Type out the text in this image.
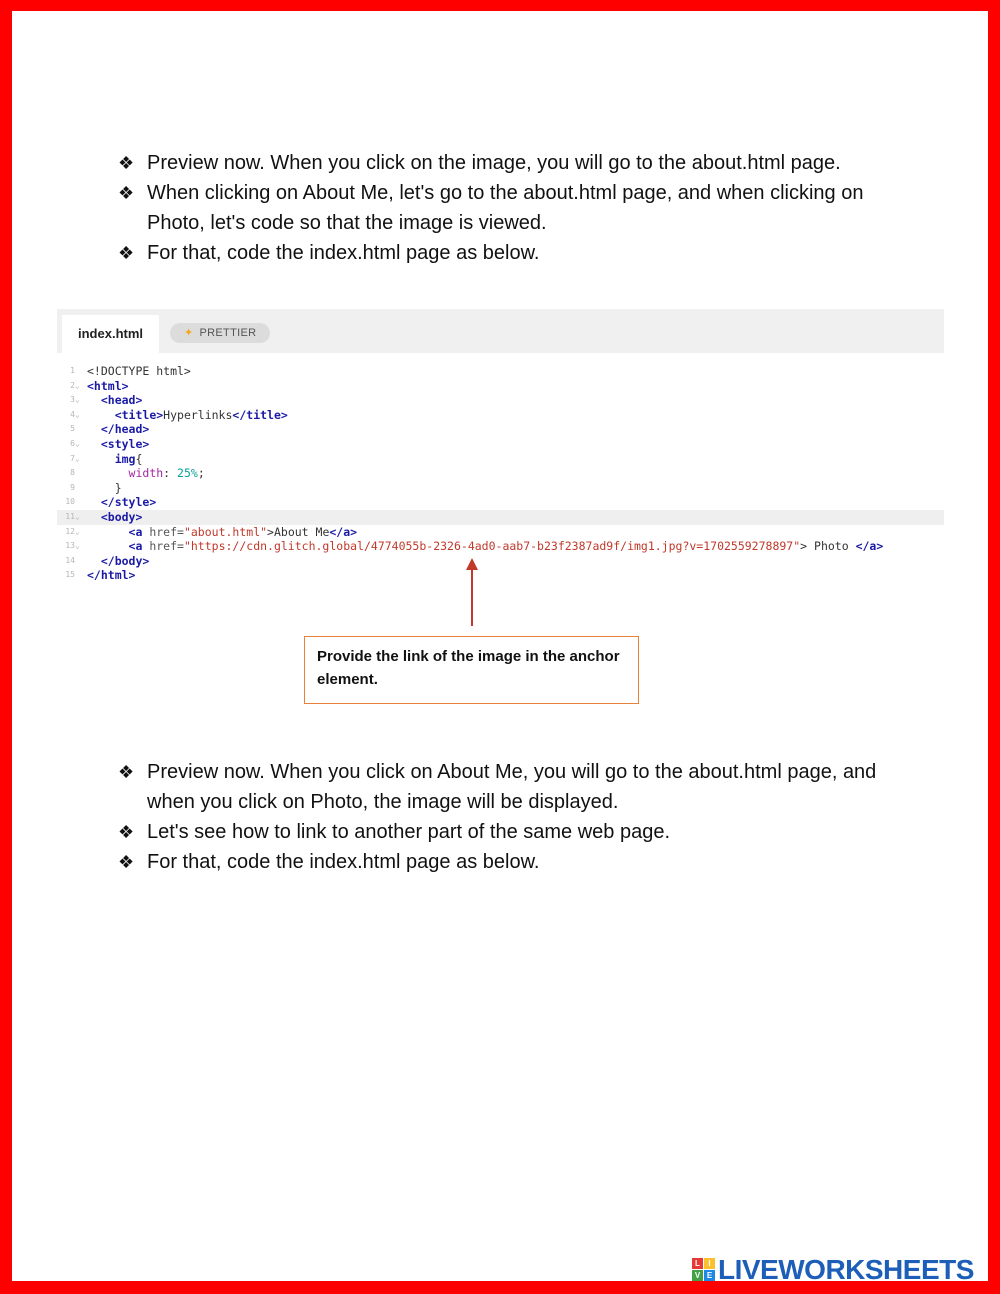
❖ Preview now. When you click on the image, you will go to the about.html page.
❖ When clicking on About Me, let's go to the about.html page, and when clicking on Photo, let's code so that the image is viewed.
❖ For that, code the index.html page as below.
index.html	✦ PRETTIER
1 <!DOCTYPE html>
2 ⌄ <html>
3 ⌄	<head>
4 ⌄	<title>Hyperlinks</title>
5	</head>
6 ⌄	<style>
7 ⌄	img{
8	width: 25%;
9	}
10	</style>
11 ⌄	<body>
12 ⌄	<a href="about.html">About Me</a>
13 ⌄	<a href="https://cdn.glitch.global/4774055b-2326-4ad0-aab7-b23f2387ad9f/img1.jpg?v=1702559278897"> Photo </a>
14	</body>
15 </html>
Provide the link of the image in the anchor element.
❖ Preview now. When you click on About Me, you will go to the about.html page, and when you click on Photo, the image will be displayed.
❖ Let's see how to link to another part of the same web page.
❖ For that, code the index.html page as below.
L	I
V E LIVEWORKSHEETS
